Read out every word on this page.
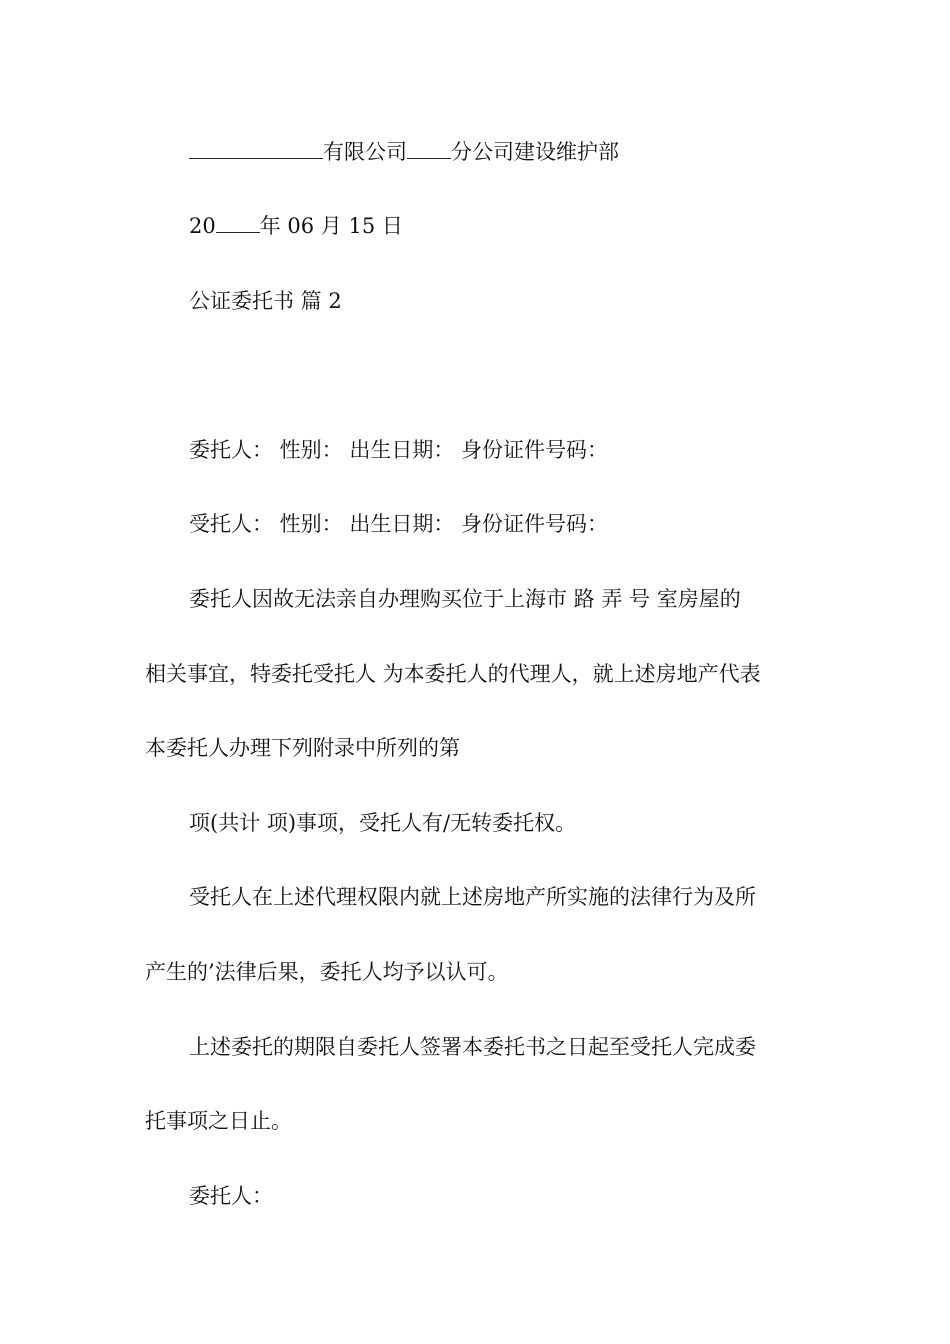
有限公司 分公司建设维护部

20 年 06 月 15 日

公证委托书 篇 2

委托人： 性别： 出生日期： 身份证件号码：

受托人： 性别： 出生日期： 身份证件号码：

委托人因故无法亲自办理购买位于上海市 路 弄 号 室房屋的

相关事宜，特委托受托人 为本委托人的代理人，就上述房地产代表

本委托人办理下列附录中所列的第

项(共计 项)事项，受托人有/无转委托权。

受托人在上述代理权限内就上述房地产所实施的法律行为及所

产生的’法律后果，委托人均予以认可。

上述委托的期限自委托人签署本委托书之日起至受托人完成委

托事项之日止。

委托人：
